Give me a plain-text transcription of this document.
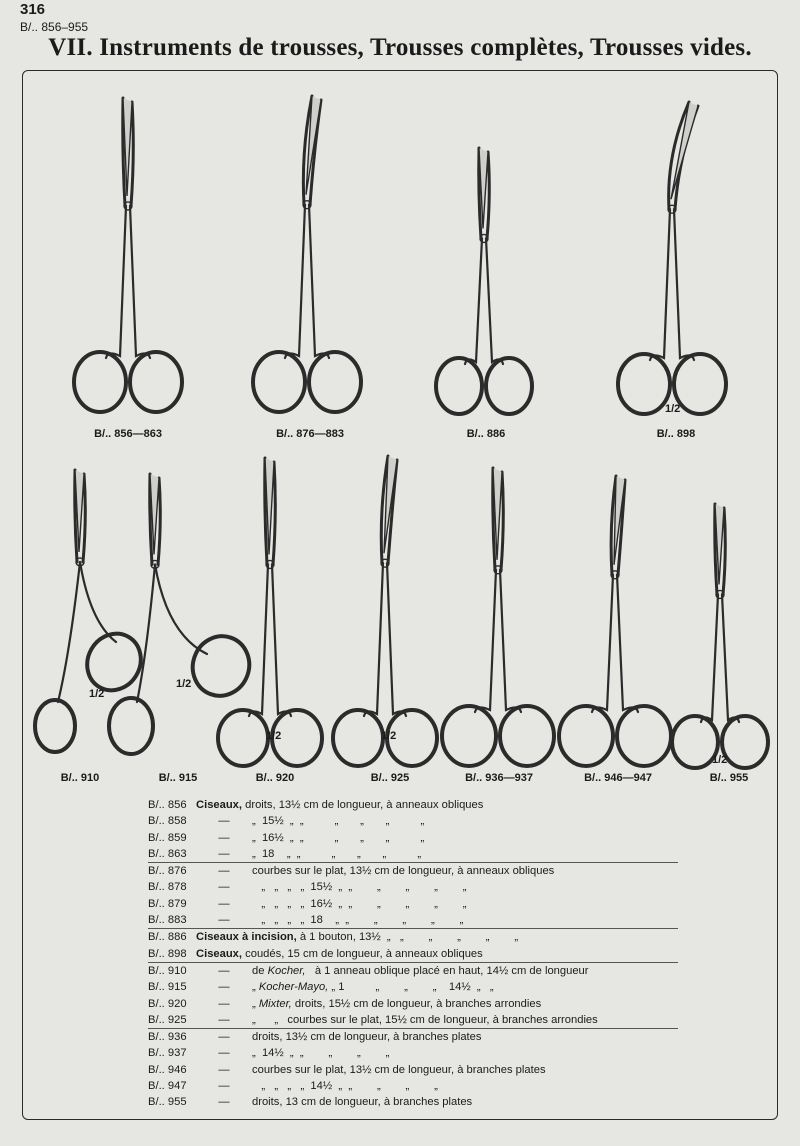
316
B/.. 856–955
VII. Instruments de trousses, Trousses complètes, Trousses vides.
B/.. 856—863	B/.. 876—883	B/.. 886	B/.. 898
1/2
B/.. 910
1/2
B/.. 915
1/2
B/.. 920
1/2
B/.. 925
1/2
B/.. 936—937	B/.. 946—947	B/.. 955
1/2
B/.. 856 Ciseaux, droits, 13½ cm de longueur, à anneaux obliques
B/.. 858	—	„  15½  „  „          „       „       „          „
B/.. 859	—	„  16½  „  „          „       „       „          „
B/.. 863	—	„  18    „  „          „       „       „          „
B/.. 876	—	courbes sur le plat, 13½ cm de longueur, à anneaux obliques
B/.. 878	—	„   „   „   „  15½  „  „        „        „        „        „
B/.. 879	—	„   „   „   „  16½  „  „        „        „        „        „
B/.. 883	—	„   „   „   „  18    „  „        „        „        „        „
B/.. 886 Ciseaux à incision, à 1 bouton, 13½  „   „        „        „        „        „
B/.. 898 Ciseaux, coudés, 15 cm de longueur, à anneaux obliques
B/.. 910	—	de Kocher, à 1 anneau oblique placé en haut, 14½ cm de longueur
B/.. 915	—	„ Kocher-Mayo, „ 1          „        „        „    14½  „   „
B/.. 920	—	„ Mixter, droits, 15½ cm de longueur, à branches arrondies
B/.. 925	—	„      „   courbes sur le plat, 15½ cm de longueur, à branches arrondies
B/.. 936	—	droits, 13½ cm de longueur, à branches plates
B/.. 937	—	„  14½  „  „        „        „        „
B/.. 946	—	courbes sur le plat, 13½ cm de longueur, à branches plates
B/.. 947	—	„   „   „   „  14½  „  „        „        „        „
B/.. 955	—	droits, 13 cm de longueur, à branches plates
